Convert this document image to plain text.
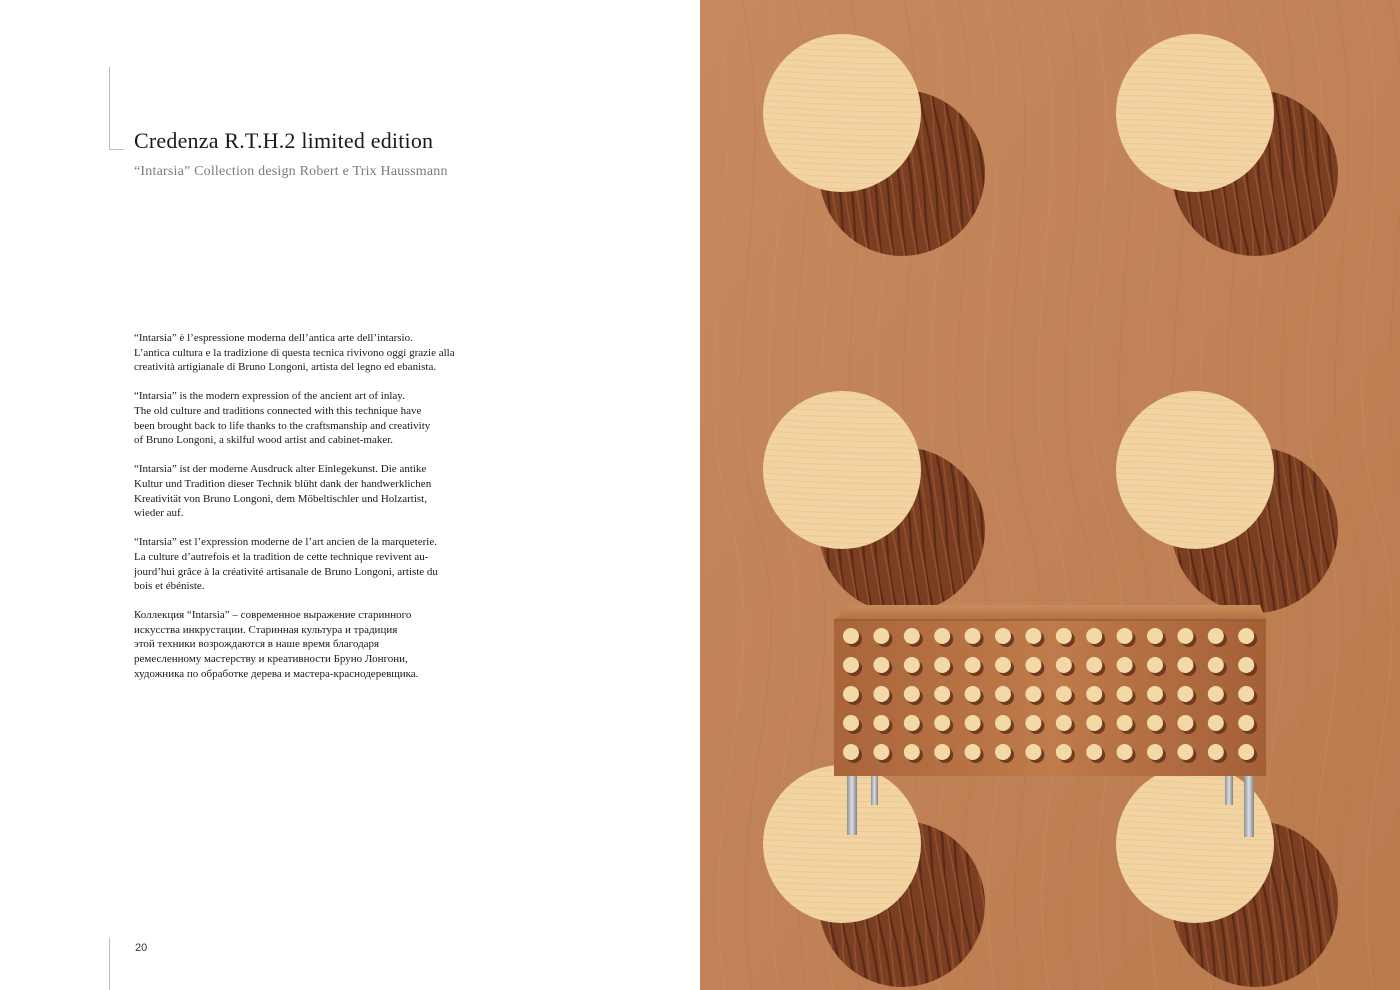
Credenza R.T.H.2 limited edition
“Intarsia” Collection design Robert e Trix Haussmann

“Intarsia” è l’espressione moderna dell’antica arte dell’intarsio.
L’antica cultura e la tradizione di questa tecnica rivivono oggi grazie alla
creatività artigianale di Bruno Longoni, artista del legno ed ebanista.

“Intarsia” is the modern expression of the ancient art of inlay.
The old culture and traditions connected with this technique have
been brought back to life thanks to the craftsmanship and creativity
of Bruno Longoni, a skilful wood artist and cabinet-maker.

“Intarsia” ist der moderne Ausdruck alter Einlegekunst. Die antike
Kultur und Tradition dieser Technik blüht dank der handwerklichen
Kreativität von Bruno Longoni, dem Möbeltischler und Holzartist,
wieder auf.

“Intarsia” est l’expression moderne de l’art ancien de la marqueterie.
La culture d’autrefois et la tradition de cette technique revivent au-
jourd’hui grâce à la créativité artisanale de Bruno Longoni, artiste du
bois et ébéniste.

Коллекция “Intarsia” – современное выражение старинного
искусства инкрустации. Старинная культура и традиция
этой техники возрождаются в наше время благодаря
ремесленному мастерству и креативности Бруно Лонгони,
художника по обработке дерева и мастера-краснодеревщика.

20
